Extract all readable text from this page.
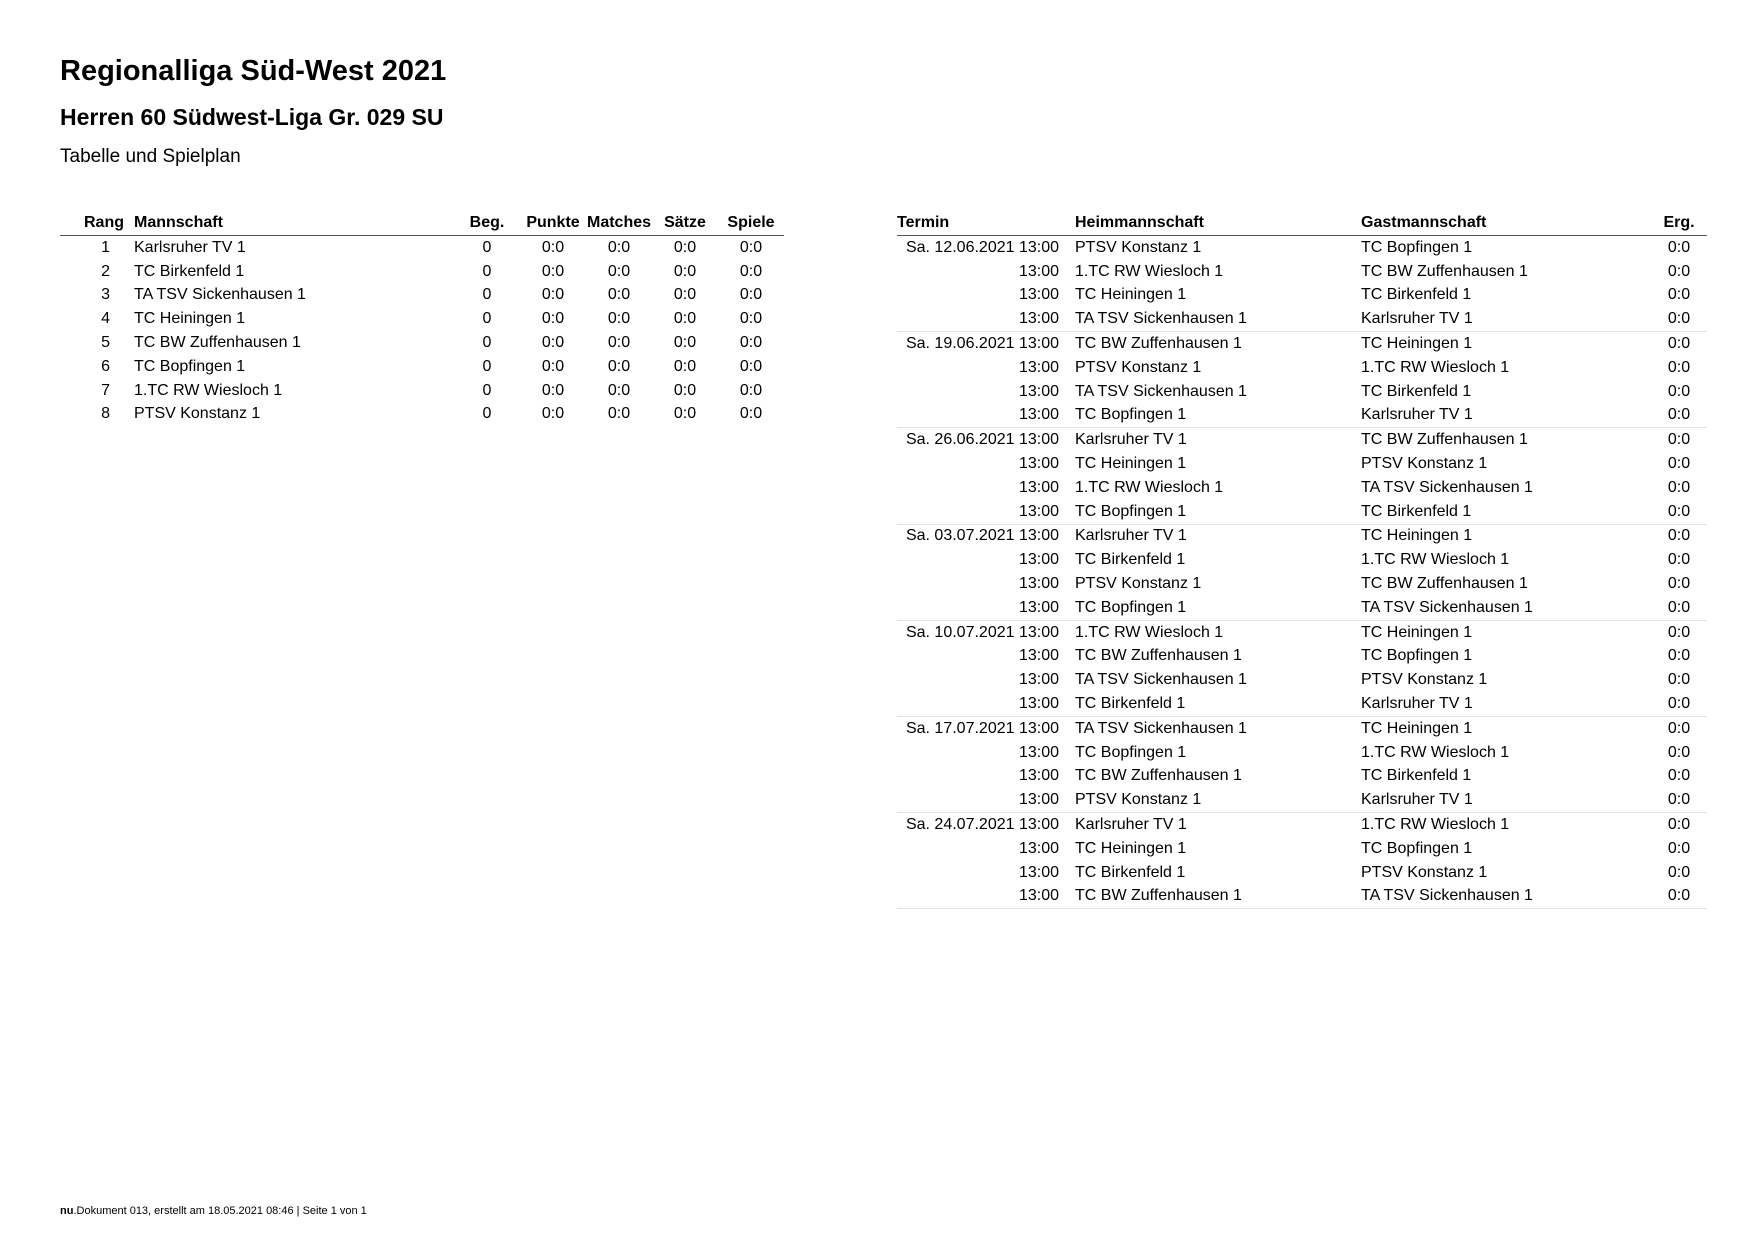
Regionalliga Süd-West 2021
Herren 60 Südwest-Liga Gr. 029 SU

Tabelle und Spielplan

Rang	Mannschaft	Beg.	Punkte	Matches	Sätze	Spiele
1	Karlsruher TV 1	0	0:0	0:0	0:0	0:0
2	TC Birkenfeld 1	0	0:0	0:0	0:0	0:0
3	TA TSV Sickenhausen 1	0	0:0	0:0	0:0	0:0
4	TC Heiningen 1	0	0:0	0:0	0:0	0:0
5	TC BW Zuffenhausen 1	0	0:0	0:0	0:0	0:0
6	TC Bopfingen 1	0	0:0	0:0	0:0	0:0
7	1.TC RW Wiesloch 1	0	0:0	0:0	0:0	0:0
8	PTSV Konstanz 1	0	0:0	0:0	0:0	0:0
Termin	Heimmannschaft	Gastmannschaft	Erg.
Sa. 12.06.2021 13:00	PTSV Konstanz 1	TC Bopfingen 1	0:0
13:00	1.TC RW Wiesloch 1	TC BW Zuffenhausen 1	0:0
13:00	TC Heiningen 1	TC Birkenfeld 1	0:0
13:00	TA TSV Sickenhausen 1	Karlsruher TV 1	0:0
Sa. 19.06.2021 13:00	TC BW Zuffenhausen 1	TC Heiningen 1	0:0
13:00	PTSV Konstanz 1	1.TC RW Wiesloch 1	0:0
13:00	TA TSV Sickenhausen 1	TC Birkenfeld 1	0:0
13:00	TC Bopfingen 1	Karlsruher TV 1	0:0
Sa. 26.06.2021 13:00	Karlsruher TV 1	TC BW Zuffenhausen 1	0:0
13:00	TC Heiningen 1	PTSV Konstanz 1	0:0
13:00	1.TC RW Wiesloch 1	TA TSV Sickenhausen 1	0:0
13:00	TC Bopfingen 1	TC Birkenfeld 1	0:0
Sa. 03.07.2021 13:00	Karlsruher TV 1	TC Heiningen 1	0:0
13:00	TC Birkenfeld 1	1.TC RW Wiesloch 1	0:0
13:00	PTSV Konstanz 1	TC BW Zuffenhausen 1	0:0
13:00	TC Bopfingen 1	TA TSV Sickenhausen 1	0:0
Sa. 10.07.2021 13:00	1.TC RW Wiesloch 1	TC Heiningen 1	0:0
13:00	TC BW Zuffenhausen 1	TC Bopfingen 1	0:0
13:00	TA TSV Sickenhausen 1	PTSV Konstanz 1	0:0
13:00	TC Birkenfeld 1	Karlsruher TV 1	0:0
Sa. 17.07.2021 13:00	TA TSV Sickenhausen 1	TC Heiningen 1	0:0
13:00	TC Bopfingen 1	1.TC RW Wiesloch 1	0:0
13:00	TC BW Zuffenhausen 1	TC Birkenfeld 1	0:0
13:00	PTSV Konstanz 1	Karlsruher TV 1	0:0
Sa. 24.07.2021 13:00	Karlsruher TV 1	1.TC RW Wiesloch 1	0:0
13:00	TC Heiningen 1	TC Bopfingen 1	0:0
13:00	TC Birkenfeld 1	PTSV Konstanz 1	0:0
13:00	TC BW Zuffenhausen 1	TA TSV Sickenhausen 1	0:0
nu.Dokument 013, erstellt am 18.05.2021 08:46 | Seite 1 von 1
